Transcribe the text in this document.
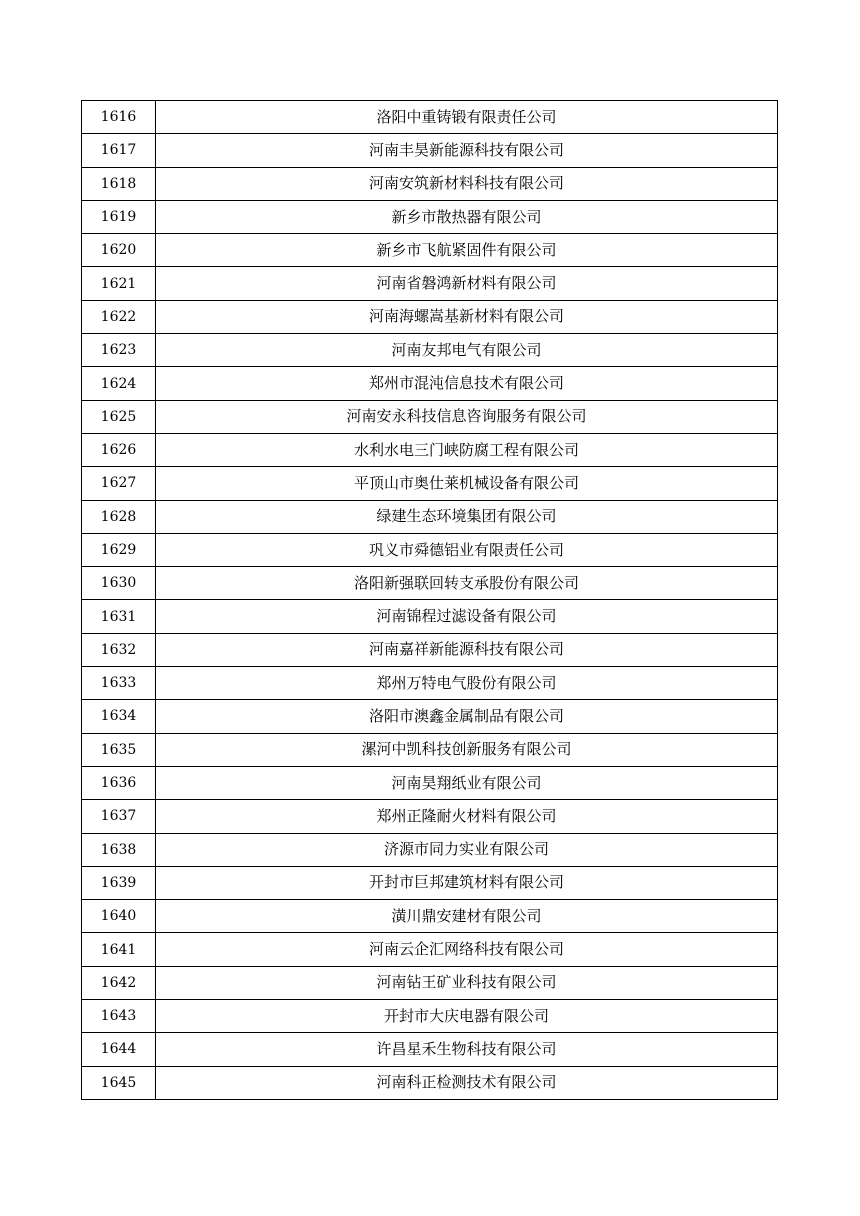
1616	洛阳中重铸锻有限责任公司
1617	河南丰昊新能源科技有限公司
1618	河南安筑新材料科技有限公司
1619	新乡市散热器有限公司
1620	新乡市飞航紧固件有限公司
1621	河南省磐鸿新材料有限公司
1622	河南海螺嵩基新材料有限公司
1623	河南友邦电气有限公司
1624	郑州市混沌信息技术有限公司
1625	河南安永科技信息咨询服务有限公司
1626	水利水电三门峡防腐工程有限公司
1627	平顶山市奥仕莱机械设备有限公司
1628	绿建生态环境集团有限公司
1629	巩义市舜德铝业有限责任公司
1630	洛阳新强联回转支承股份有限公司
1631	河南锦程过滤设备有限公司
1632	河南嘉祥新能源科技有限公司
1633	郑州万特电气股份有限公司
1634	洛阳市澳鑫金属制品有限公司
1635	漯河中凯科技创新服务有限公司
1636	河南昊翔纸业有限公司
1637	郑州正隆耐火材料有限公司
1638	济源市同力实业有限公司
1639	开封市巨邦建筑材料有限公司
1640	潢川鼎安建材有限公司
1641	河南云企汇网络科技有限公司
1642	河南钻王矿业科技有限公司
1643	开封市大庆电器有限公司
1644	许昌星禾生物科技有限公司
1645	河南科正检测技术有限公司
